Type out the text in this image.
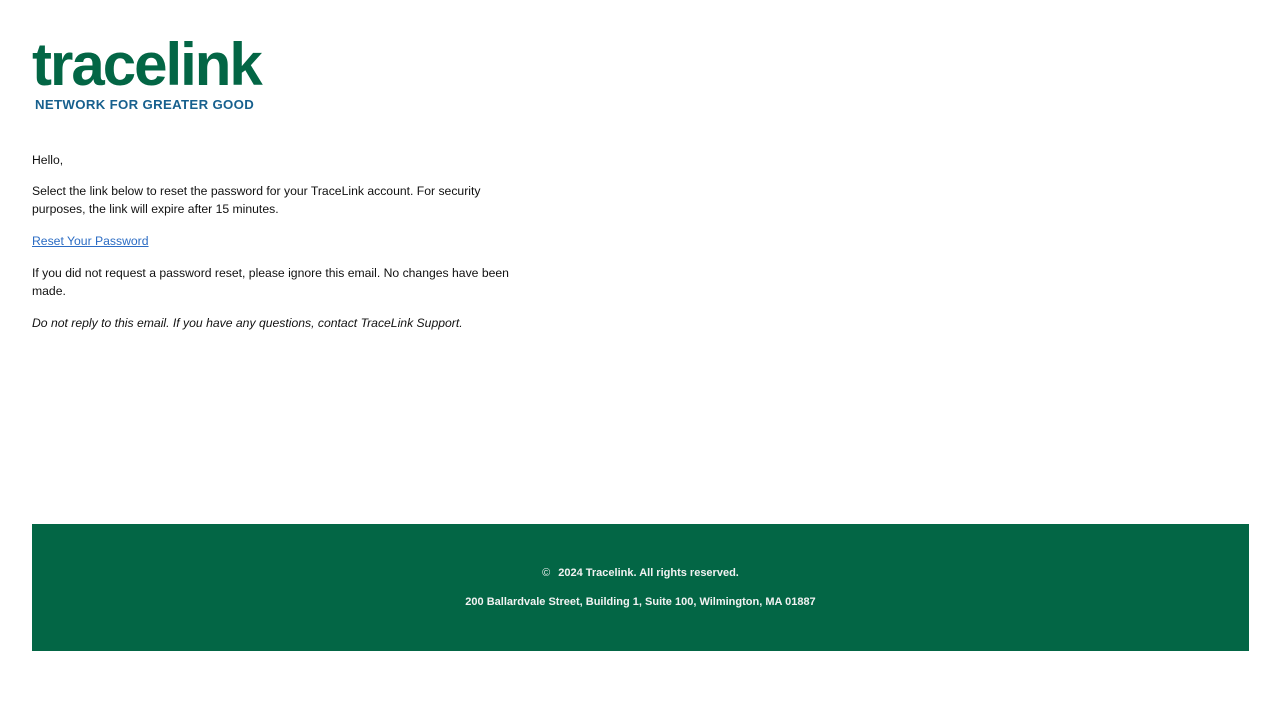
tracelink
NETWORK FOR GREATER GOOD

Hello,

Select the link below to reset the password for your TraceLink account. For security purposes, the link will expire after 15 minutes.

Reset Your Password

If you did not request a password reset, please ignore this email. No changes have been made.

Do not reply to this email. If you have any questions, contact TraceLink Support.

© 2024 Tracelink. All rights reserved.
200 Ballardvale Street, Building 1, Suite 100, Wilmington, MA 01887
